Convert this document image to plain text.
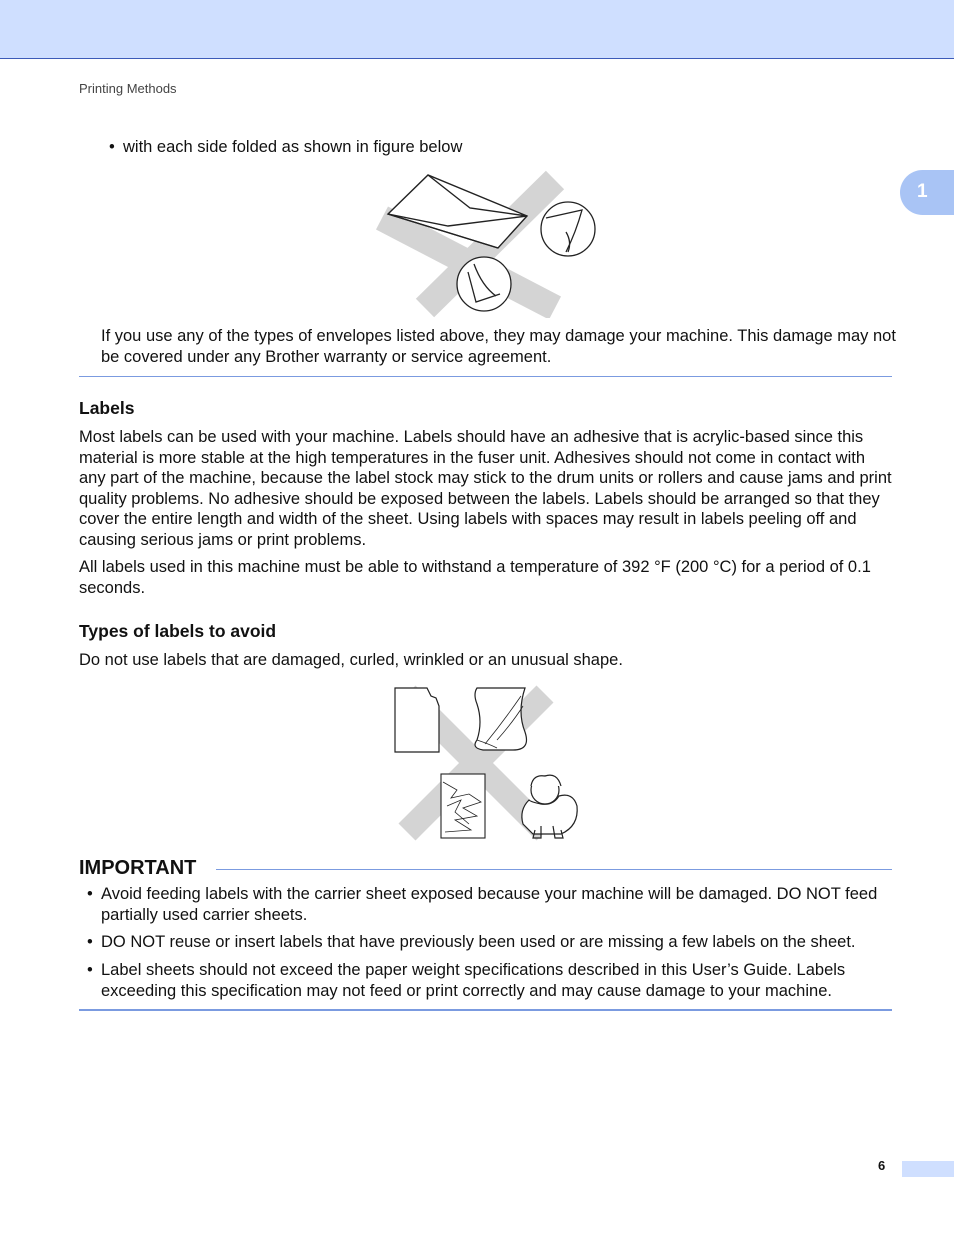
Printing Methods
1
• with each side folded as shown in figure below
If you use any of the types of envelopes listed above, they may damage your machine. This damage may not be covered under any Brother warranty or service agreement.
Labels
Most labels can be used with your machine. Labels should have an adhesive that is acrylic-based since this material is more stable at the high temperatures in the fuser unit. Adhesives should not come in contact with any part of the machine, because the label stock may stick to the drum units or rollers and cause jams and print quality problems. No adhesive should be exposed between the labels. Labels should be arranged so that they cover the entire length and width of the sheet. Using labels with spaces may result in labels peeling off and causing serious jams or print problems.
All labels used in this machine must be able to withstand a temperature of 392 °F (200 °C) for a period of 0.1 seconds.
Types of labels to avoid
Do not use labels that are damaged, curled, wrinkled or an unusual shape.
IMPORTANT
• Avoid feeding labels with the carrier sheet exposed because your machine will be damaged. DO NOT feed partially used carrier sheets.
• DO NOT reuse or insert labels that have previously been used or are missing a few labels on the sheet.
• Label sheets should not exceed the paper weight specifications described in this User’s Guide. Labels exceeding this specification may not feed or print correctly and may cause damage to your machine.
6
